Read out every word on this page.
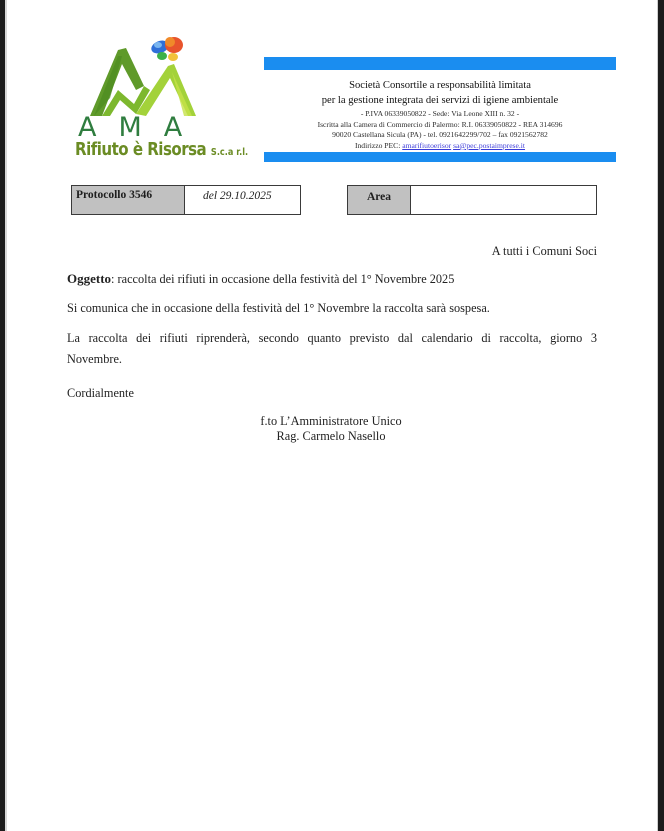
AMA
Rifiuto è Risorsa S.c.a r.l.
Società Consortile a responsabilità limitata
per la gestione integrata dei servizi di igiene ambientale
- P.IVA 06339050822 - Sede: Via Leone XIII n. 32 -
Iscritta alla Camera di Commercio di Palermo: R.I. 06339050822 - REA 314696
90020 Castellana Sicula (PA) - tel. 0921642299/702 – fax 0921562782
Indirizzo PEC: amarifiutoerisor sa@pec.postaimprese.it
Protocollo 3546	del 29.10.2025	Area
A tutti i Comuni Soci
Oggetto: raccolta dei rifiuti in occasione della festività del 1° Novembre 2025
Si comunica che in occasione della festività del 1° Novembre la raccolta sarà sospesa.
La raccolta dei rifiuti riprenderà, secondo quanto previsto dal calendario di raccolta, giorno 3 Novembre.
Cordialmente
f.to L’Amministratore Unico
Rag. Carmelo Nasello
